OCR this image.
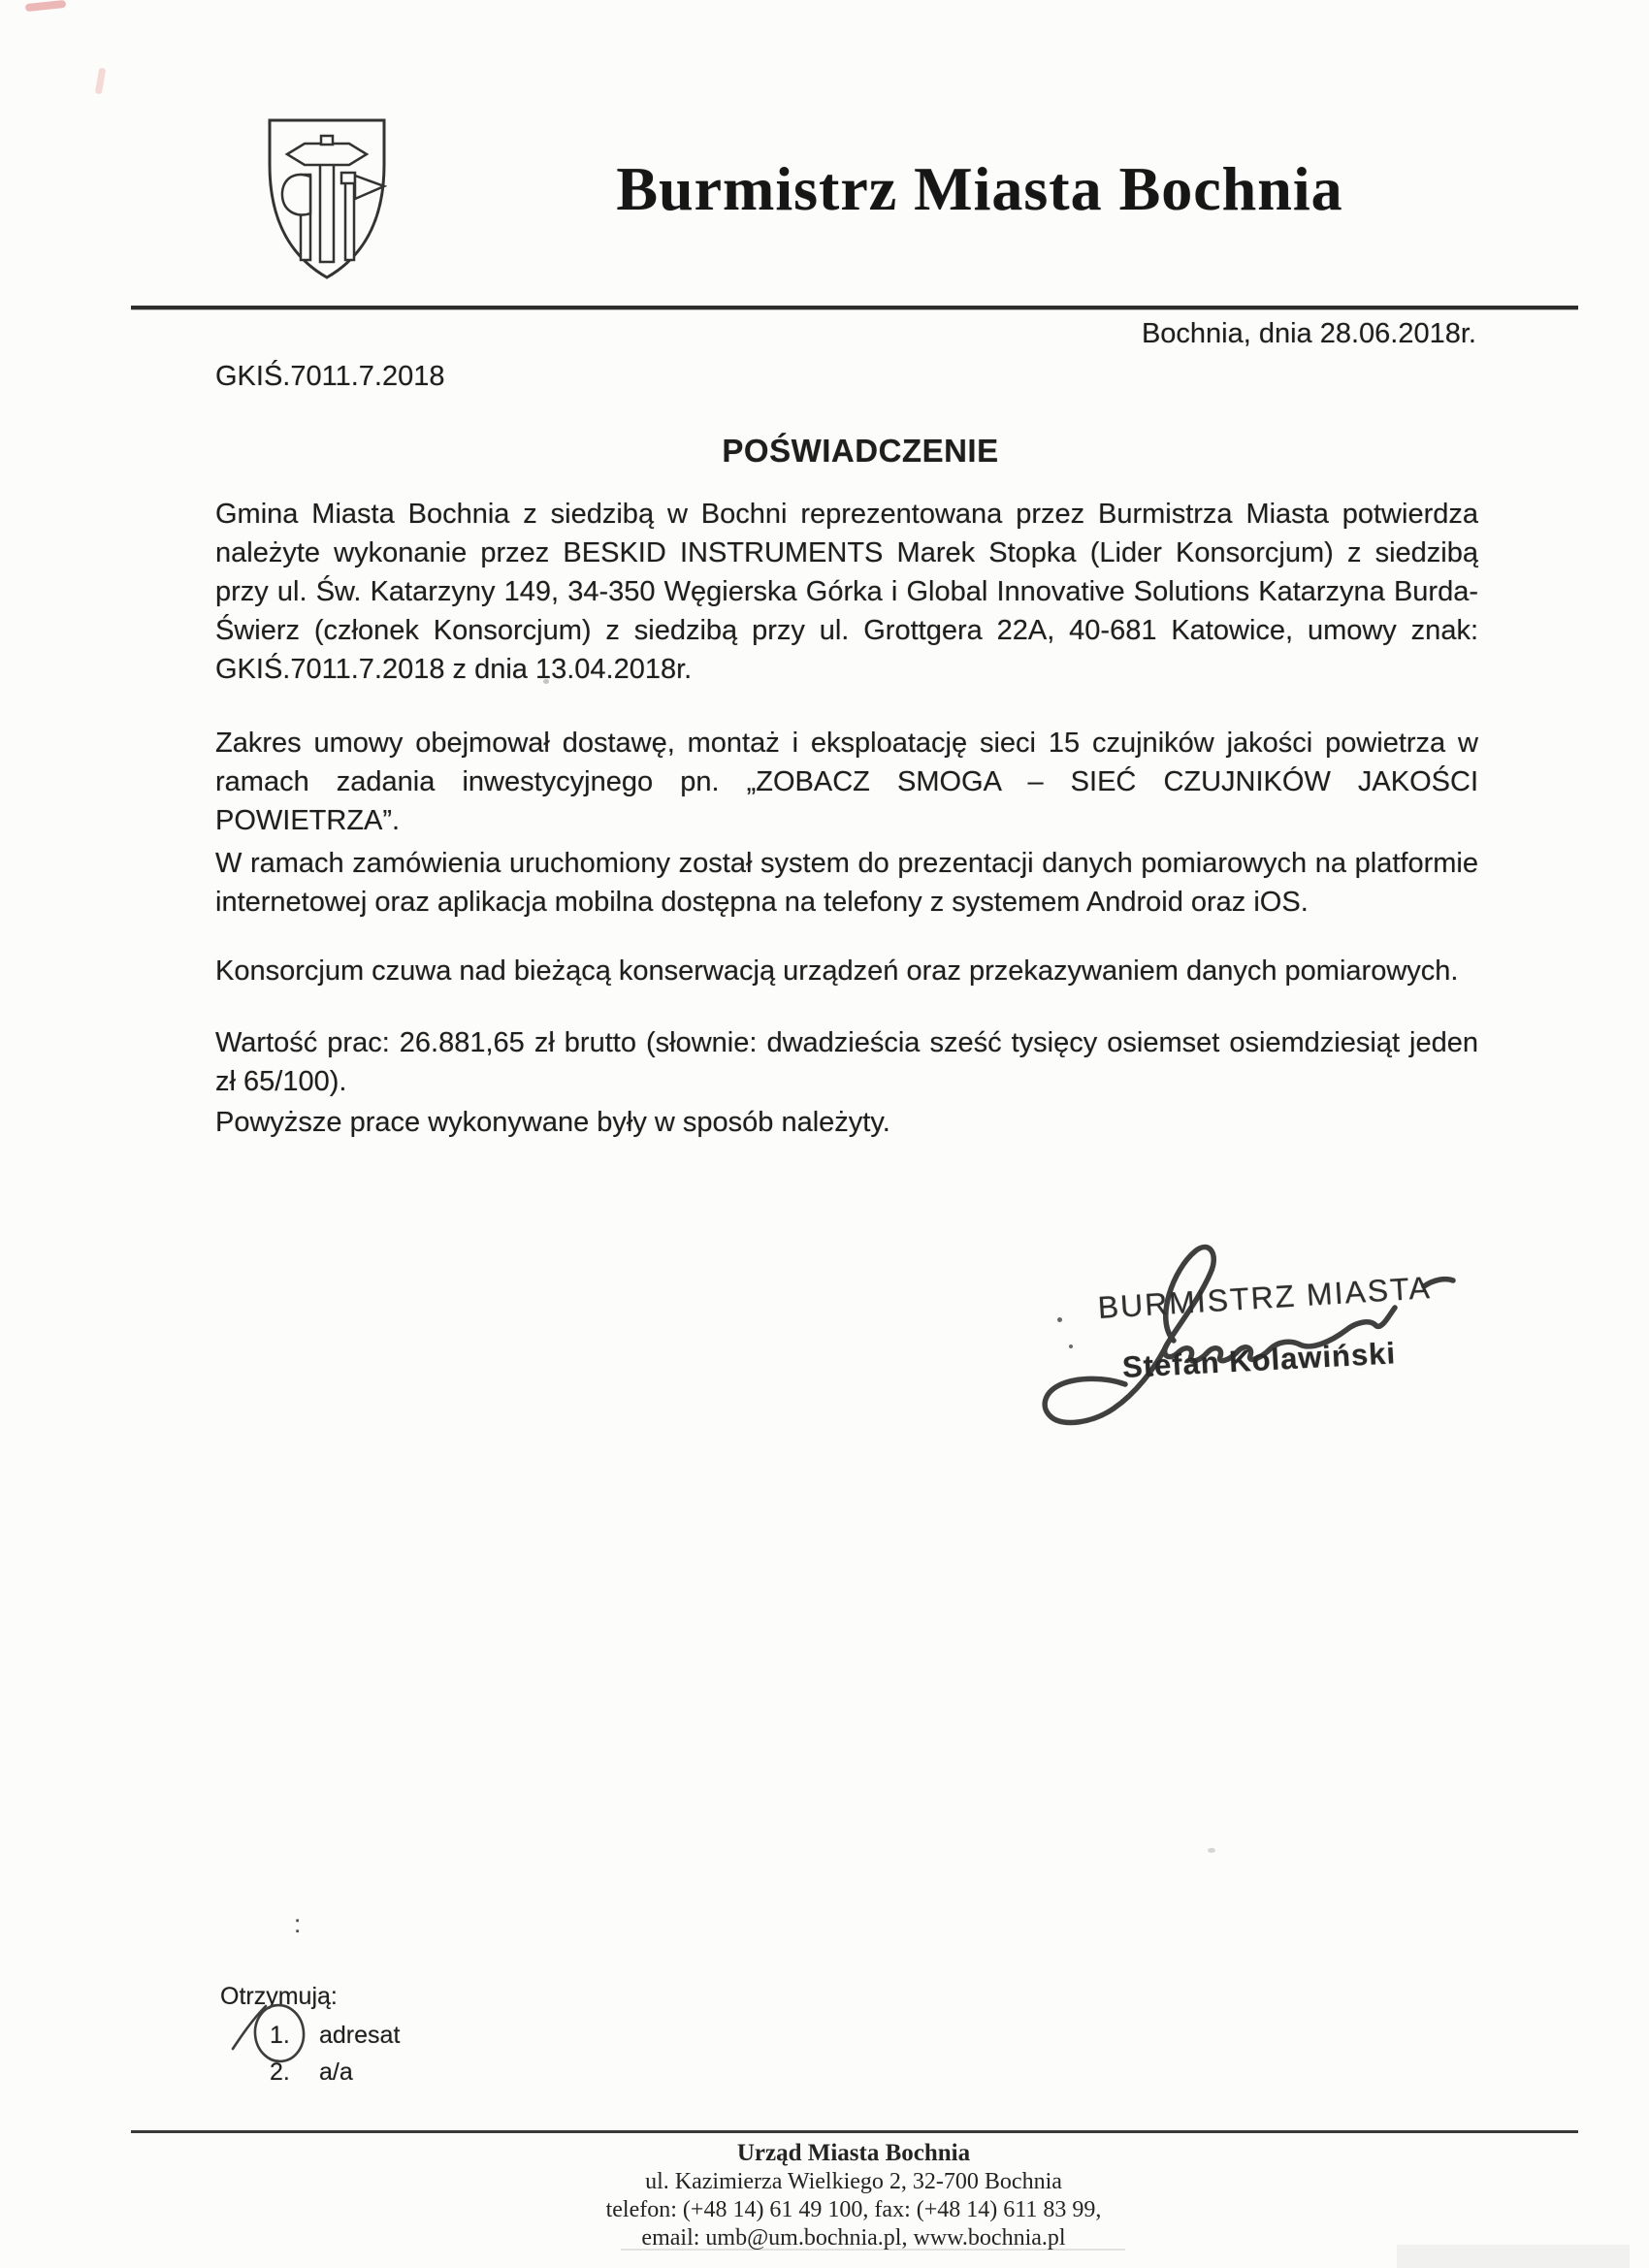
Burmistrz Miasta Bochnia
Bochnia, dnia 28.06.2018r.
GKIŚ.7011.7.2018
POŚWIADCZENIE

Gmina Miasta Bochnia z siedzibą w Bochni reprezentowana przez Burmistrza Miasta potwierdza należyte wykonanie przez BESKID INSTRUMENTS Marek Stopka (Lider Konsorcjum) z siedzibą przy ul. Św. Katarzyny 149, 34-350 Węgierska Górka i Global Innovative Solutions Katarzyna Burda-Świerz (członek Konsorcjum) z siedzibą przy ul. Grottgera 22A, 40-681 Katowice, umowy znak: GKIŚ.7011.7.2018 z dnia 13.04.2018r.

Zakres umowy obejmował dostawę, montaż i eksploatację sieci 15 czujników jakości powietrza w ramach zadania inwestycyjnego pn. „ZOBACZ SMOGA – SIEĆ CZUJNIKÓW JAKOŚCI POWIETRZA”.

W ramach zamówienia uruchomiony został system do prezentacji danych pomiarowych na platformie internetowej oraz aplikacja mobilna dostępna na telefony z systemem Android oraz iOS.

Konsorcjum czuwa nad bieżącą konserwacją urządzeń oraz przekazywaniem danych pomiarowych.

Wartość prac: 26.881,65 zł brutto (słownie: dwadzieścia sześć tysięcy osiemset osiemdziesiąt jeden zł 65/100).

Powyższe prace wykonywane były w sposób należyty.

BURMISTRZ MIASTA
Stefan Kolawiński
:
Otrzymują:
1. adresat
2. a/a
Urząd Miasta Bochnia
ul. Kazimierza Wielkiego 2, 32-700 Bochnia
telefon: (+48 14) 61 49 100, fax: (+48 14) 611 83 99,
email: umb@um.bochnia.pl, www.bochnia.pl
